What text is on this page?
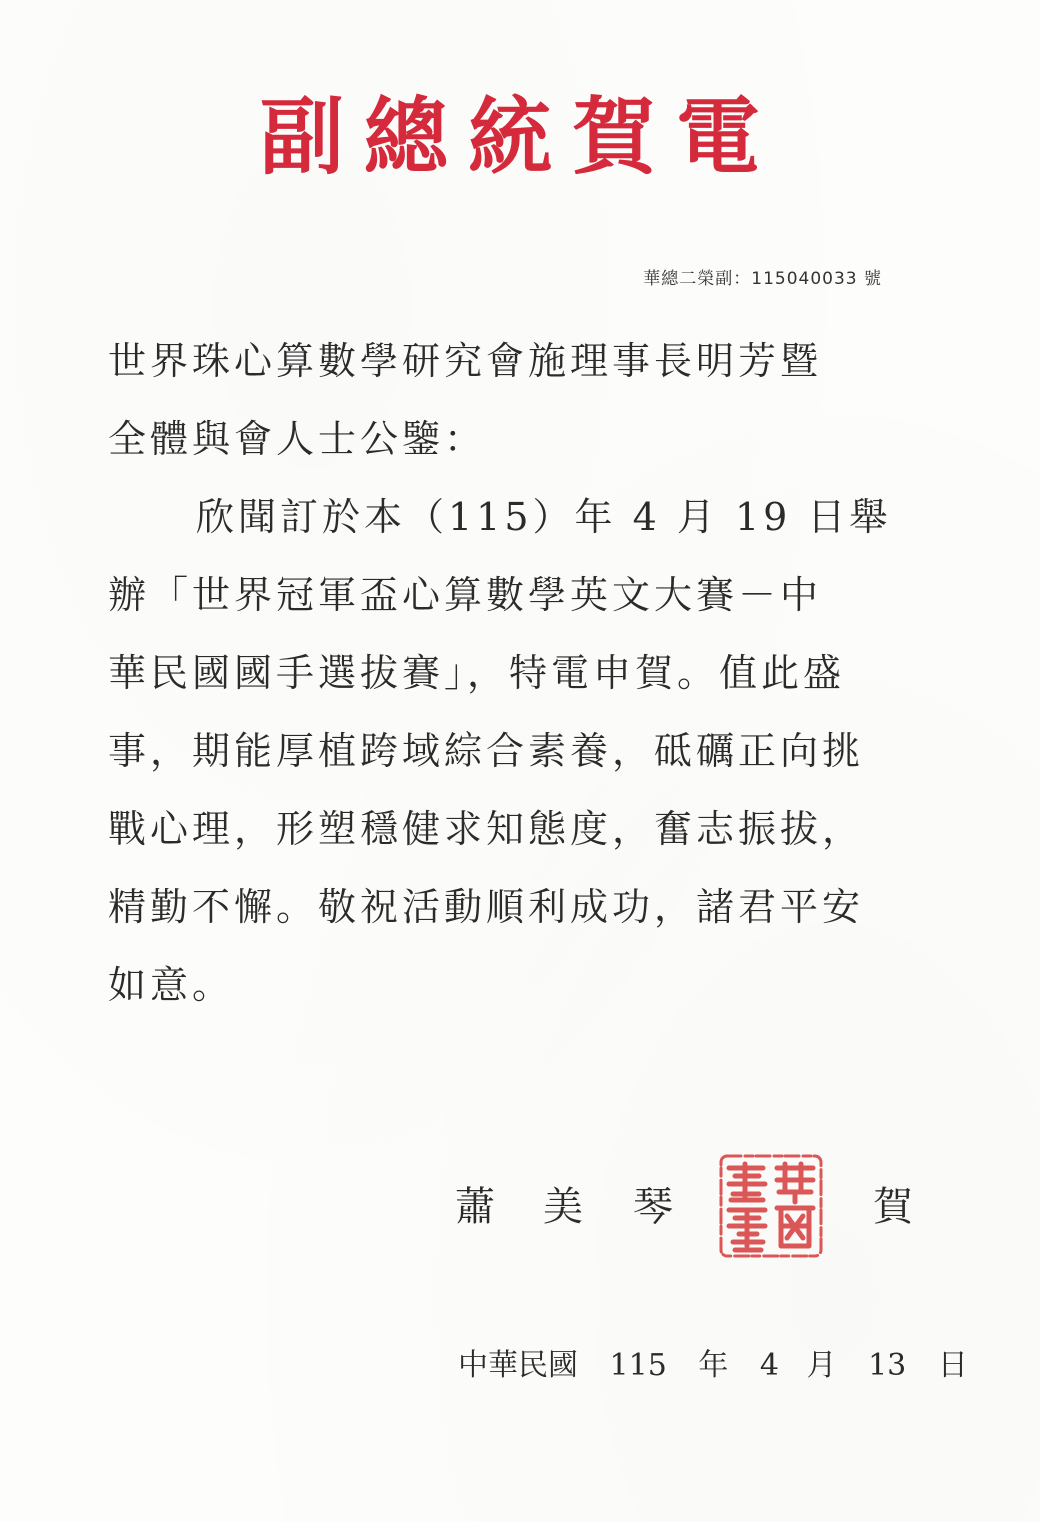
副總統賀電
華總二榮副：115040033 號
世界珠心算數學研究會施理事長明芳暨
全體與會人士公鑒：
欣聞訂於本（115）年 4 月 19 日舉
辦「世界冠軍盃心算數學英文大賽－中
華民國國手選拔賽」，特電申賀。值此盛
事，期能厚植跨域綜合素養，砥礪正向挑
戰心理，形塑穩健求知態度，奮志振拔，
精勤不懈。敬祝活動順利成功，諸君平安
如意。
蕭 美 琴	賀
中華民國 115 年 4 月 13 日
